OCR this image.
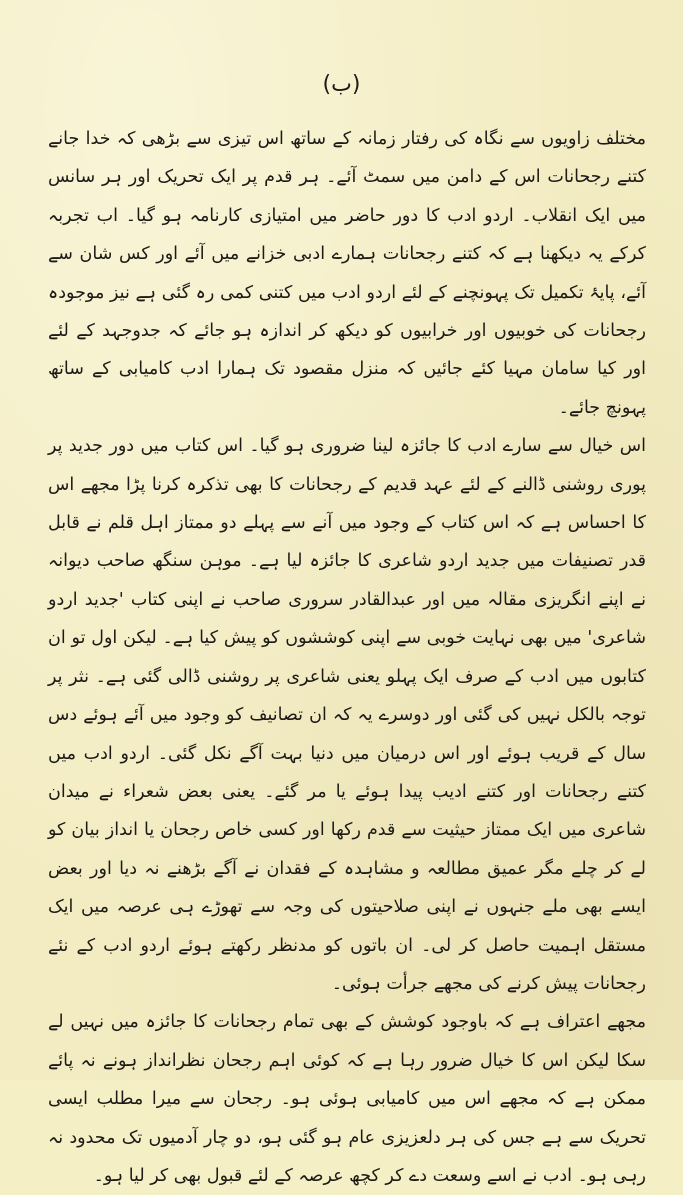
(ب)

مختلف زاویوں سے نگاہ کی رفتار زمانہ کے ساتھ اس تیزی سے بڑھی کہ خدا جانے کتنے رجحانات اس کے دامن میں سمٹ آئے۔ ہر قدم پر ایک تحریک اور ہر سانس میں ایک انقلاب۔ اردو ادب کا دور حاضر میں امتیازی کارنامہ ہو گیا۔ اب تجربہ کرکے یہ دیکھنا ہے کہ کتنے رجحانات ہمارے ادبی خزانے میں آئے اور کس شان سے آئے، پایۂ تکمیل تک پہونچنے کے لئے اردو ادب میں کتنی کمی رہ گئی ہے نیز موجودہ رجحانات کی خوبیوں اور خرابیوں کو دیکھ کر اندازہ ہو جائے کہ جدوجہد کے لئے اور کیا سامان مہیا کئے جائیں کہ منزل مقصود تک ہمارا ادب کامیابی کے ساتھ پہونچ جائے۔

اس خیال سے سارے ادب کا جائزہ لینا ضروری ہو گیا۔ اس کتاب میں دور جدید پر پوری روشنی ڈالنے کے لئے عہد قدیم کے رجحانات کا بھی تذکرہ کرنا پڑا مجھے اس کا احساس ہے کہ اس کتاب کے وجود میں آنے سے پہلے دو ممتاز اہل قلم نے قابل قدر تصنیفات میں جدید اردو شاعری کا جائزہ لیا ہے۔ موہن سنگھ صاحب دیوانہ نے اپنے انگریزی مقالہ میں اور عبدالقادر سروری صاحب نے اپنی کتاب 'جدید اردو شاعری' میں بھی نہایت خوبی سے اپنی کوششوں کو پیش کیا ہے۔ لیکن اول تو ان کتابوں میں ادب کے صرف ایک پہلو یعنی شاعری پر روشنی ڈالی گئی ہے۔ نثر پر توجہ بالکل نہیں کی گئی اور دوسرے یہ کہ ان تصانیف کو وجود میں آئے ہوئے دس سال کے قریب ہوئے اور اس درمیان میں دنیا بہت آگے نکل گئی۔ اردو ادب میں کتنے رجحانات اور کتنے ادیب پیدا ہوئے یا مر گئے۔ یعنی بعض شعراء نے میدان شاعری میں ایک ممتاز حیثیت سے قدم رکھا اور کسی خاص رجحان یا انداز بیان کو لے کر چلے مگر عمیق مطالعہ و مشاہدہ کے فقدان نے آگے بڑھنے نہ دیا اور بعض ایسے بھی ملے جنہوں نے اپنی صلاحیتوں کی وجہ سے تھوڑے ہی عرصہ میں ایک مستقل اہمیت حاصل کر لی۔ ان باتوں کو مدنظر رکھتے ہوئے اردو ادب کے نئے رجحانات پیش کرنے کی مجھے جرأت ہوئی۔

مجھے اعتراف ہے کہ باوجود کوشش کے بھی تمام رجحانات کا جائزہ میں نہیں لے سکا لیکن اس کا خیال ضرور رہا ہے کہ کوئی اہم رجحان نظرانداز ہونے نہ پائے ممکن ہے کہ مجھے اس میں کامیابی ہوئی ہو۔ رجحان سے میرا مطلب ایسی تحریک سے ہے جس کی ہر دلعزیزی عام ہو گئی ہو، دو چار آدمیوں تک محدود نہ رہی ہو۔ ادب نے اسے وسعت دے کر کچھ عرصہ کے لئے قبول بھی کر لیا ہو۔
